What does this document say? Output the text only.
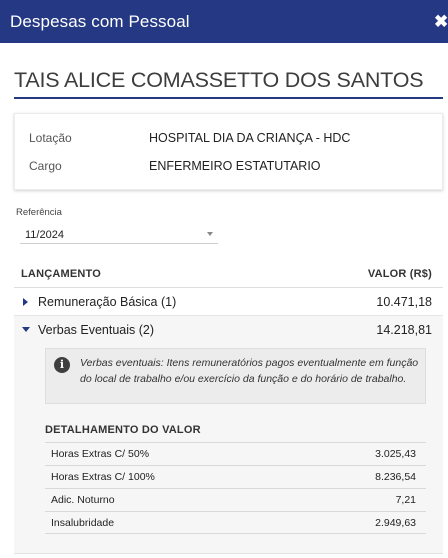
Despesas com Pessoal	✖
TAIS ALICE COMASSETTO DOS SANTOS
Lotação	HOSPITAL DIA DA CRIANÇA - HDC
Cargo	ENFERMEIRO ESTATUTARIO
Referência
11/2024
LANÇAMENTO	VALOR (R$)
Remuneração Básica (1)	10.471,18
Verbas Eventuais (2)	14.218,81
i	Verbas eventuais: Itens remuneratórios pagos eventualmente em função do local de trabalho e/ou exercício da função e do horário de trabalho.
DETALHAMENTO DO VALOR
Horas Extras C/ 50%	3.025,43
Horas Extras C/ 100%	8.236,54
Adic. Noturno	7,21
Insalubridade	2.949,63
